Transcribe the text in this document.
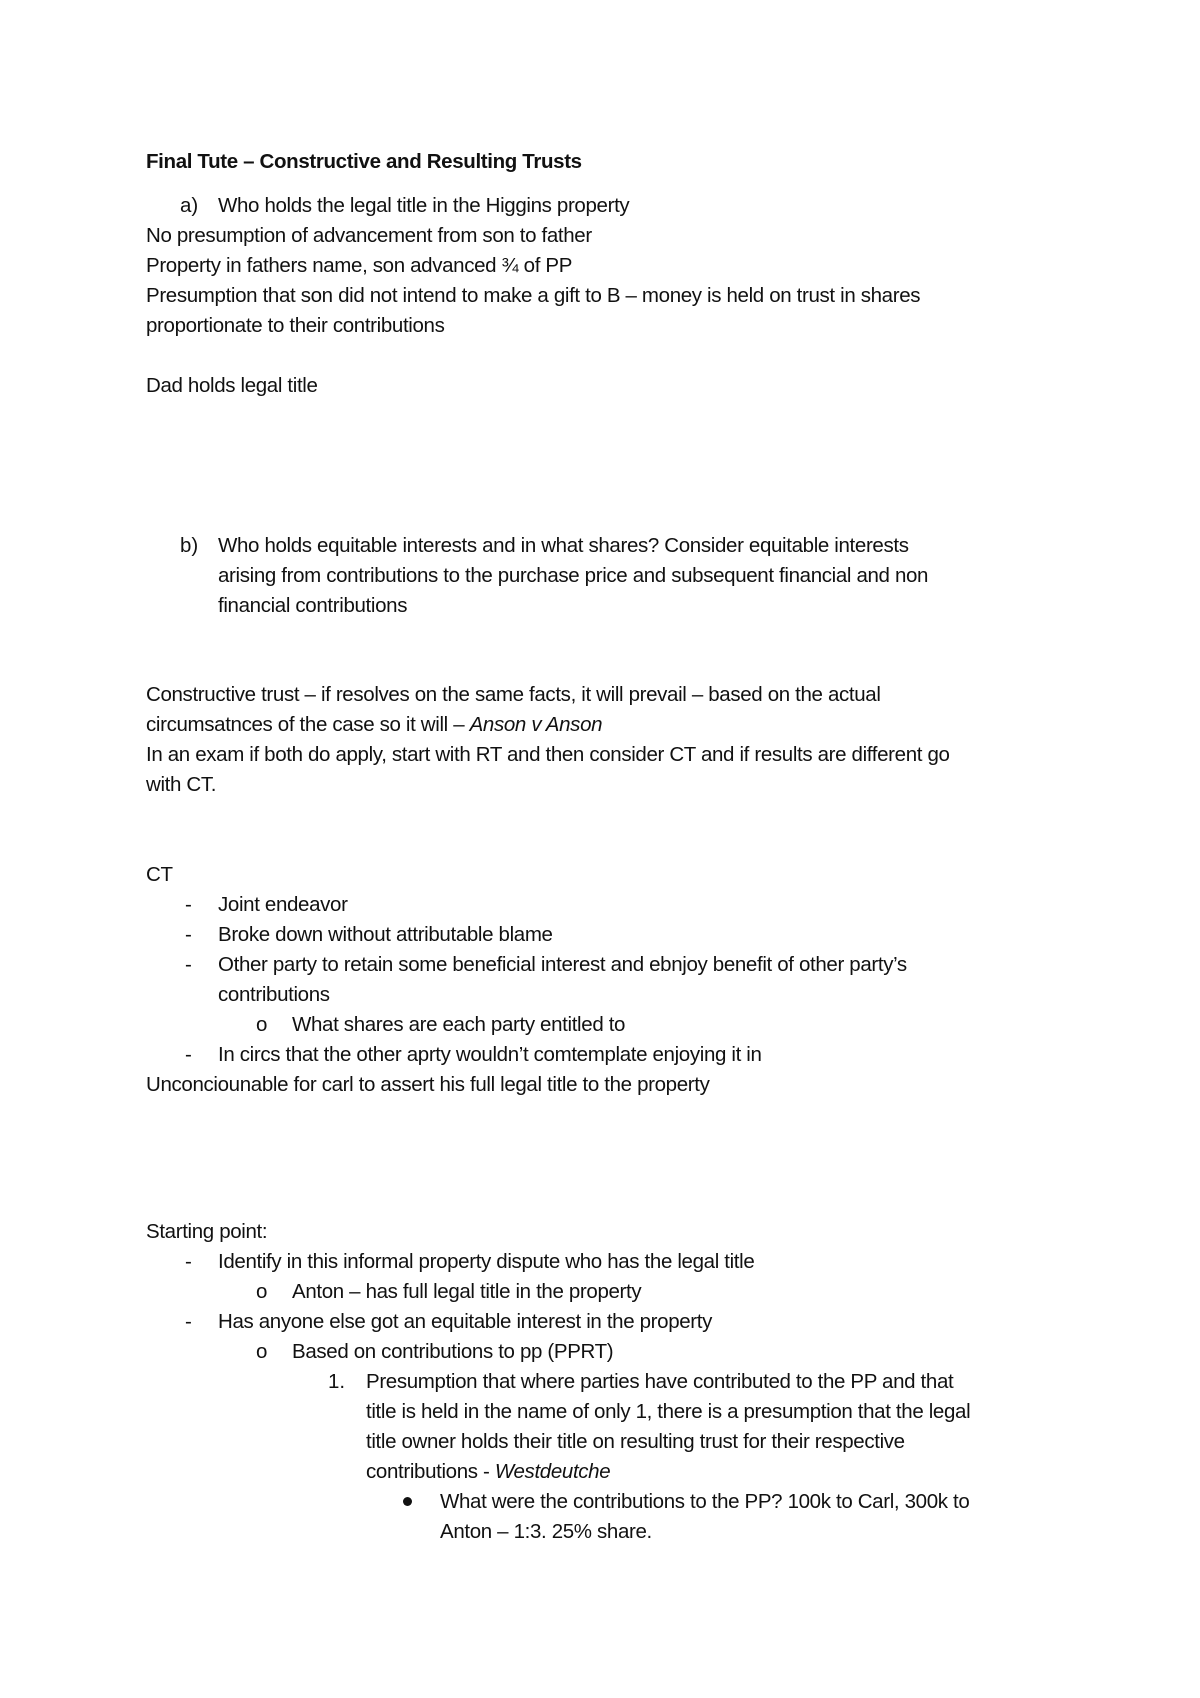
Final Tute – Constructive and Resulting Trusts
a) Who holds the legal title in the Higgins property
No presumption of advancement from son to father
Property in fathers name, son advanced ¾ of PP
Presumption that son did not intend to make a gift to B – money is held on trust in shares
proportionate to their contributions
Dad holds legal title
b) Who holds equitable interests and in what shares? Consider equitable interests
arising from contributions to the purchase price and subsequent financial and non
financial contributions
Constructive trust – if resolves on the same facts, it will prevail – based on the actual
circumsatnces of the case so it will – Anson v Anson
In an exam if both do apply, start with RT and then consider CT and if results are different go
with CT.
CT
- Joint endeavor
- Broke down without attributable blame
- Other party to retain some beneficial interest and ebnjoy benefit of other party’s
contributions
o What shares are each party entitled to
- In circs that the other aprty wouldn’t comtemplate enjoying it in
Unconciounable for carl to assert his full legal title to the property
Starting point:
- Identify in this informal property dispute who has the legal title
o Anton – has full legal title in the property
- Has anyone else got an equitable interest in the property
o Based on contributions to pp (PPRT)
1. Presumption that where parties have contributed to the PP and that
title is held in the name of only 1, there is a presumption that the legal
title owner holds their title on resulting trust for their respective
contributions - Westdeutche
What were the contributions to the PP? 100k to Carl, 300k to
Anton – 1:3. 25% share.
